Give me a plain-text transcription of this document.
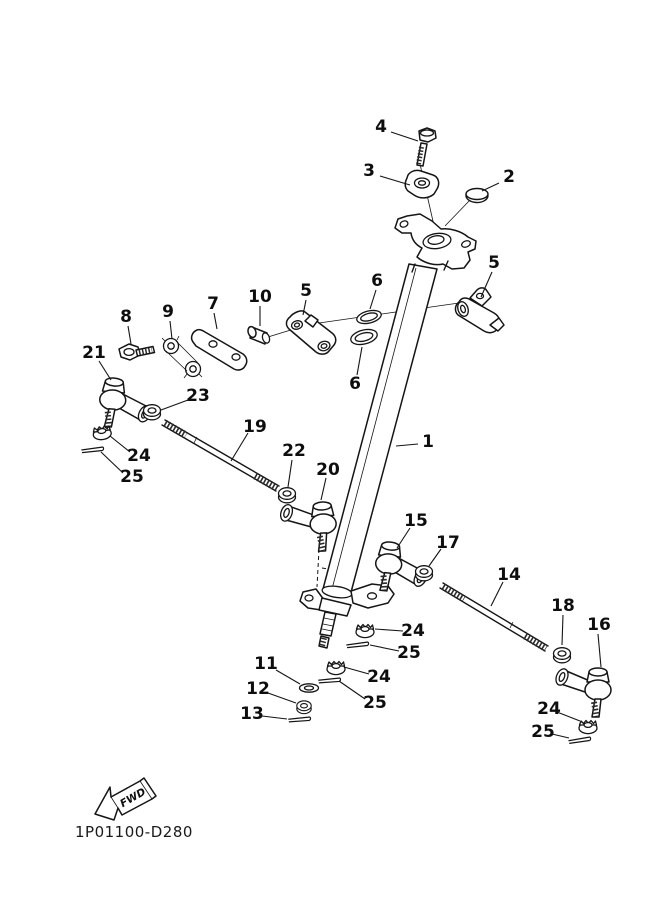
1
2
3
4
5
5	6
6
7
8 9
10
11
12
13
14
15
16
17
18
19
20
21
22
23
24
24
24
24
25
25
25
25
FWD
1P01100-D280
